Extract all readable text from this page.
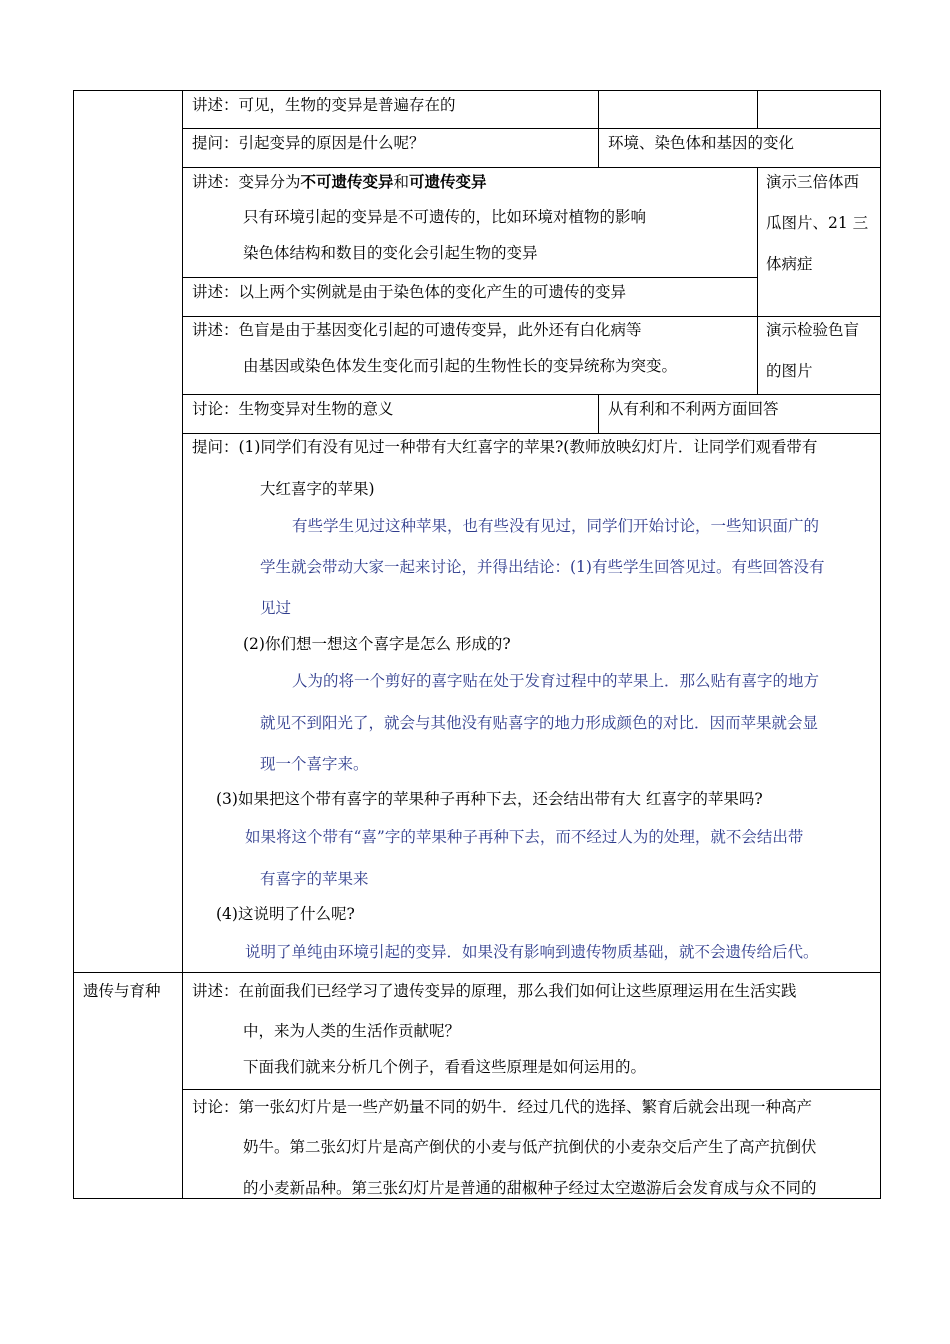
讲述：可见，生物的变异是普遍存在的
提问：引起变异的原因是什么呢？	环境、染色体和基因的变化
讲述：变异分为不可遗传变异和可遗传变异
只有环境引起的变异是不可遗传的，比如环境对植物的影响
染色体结构和数目的变化会引起生物的变异
演示三倍体西
瓜图片、21 三
体病症
讲述：以上两个实例就是由于染色体的变化产生的可遗传的变异
讲述：色盲是由于基因变化引起的可遗传变异，此外还有白化病等
由基因或染色体发生变化而引起的生物性长的变异统称为突变。
演示检验色盲
的图片
讨论：生物变异对生物的意义	从有利和不利两方面回答
提问：(1)同学们有没有见过一种带有大红喜字的苹果?(教师放映幻灯片．让同学们观看带有
大红喜字的苹果)
有些学生见过这种苹果，也有些没有见过，同学们开始讨论，一些知识面广的
学生就会带动大家一起来讨论，并得出结论：(1)有些学生回答见过。有些回答没有
见过
(2)你们想一想这个喜字是怎么 形成的?
人为的将一个剪好的喜字贴在处于发育过程中的苹果上．那么贴有喜字的地方
就见不到阳光了，就会与其他没有贴喜字的地力形成颜色的对比．因而苹果就会显
现一个喜字来。
(3)如果把这个带有喜字的苹果种子再种下去，还会结出带有大 红喜字的苹果吗?
如果将这个带有“喜”字的苹果种子再种下去，而不经过人为的处理，就不会结出带
有喜字的苹果来
(4)这说明了什么呢?
说明了单纯由环境引起的变异．如果没有影响到遗传物质基础，就不会遗传给后代。
遗传与育种 讲述：在前面我们已经学习了遗传变异的原理，那么我们如何让这些原理运用在生活实践
中，来为人类的生活作贡献呢？
下面我们就来分析几个例子，看看这些原理是如何运用的。
讨论：第一张幻灯片是一些产奶量不同的奶牛．经过几代的选择、繁育后就会出现一种高产
奶牛。第二张幻灯片是高产倒伏的小麦与低产抗倒伏的小麦杂交后产生了高产抗倒伏
的小麦新品种。第三张幻灯片是普通的甜椒种子经过太空遨游后会发育成与众不同的
